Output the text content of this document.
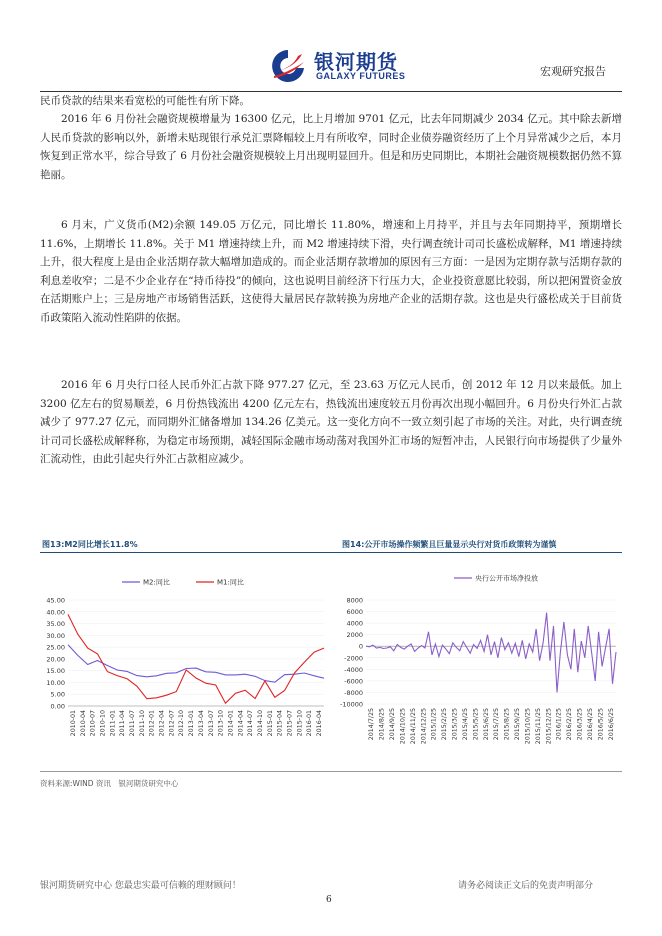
银河期货
GALAXY FUTURES	宏观研究报告

民币贷款的结果来看宽松的可能性有所下降。

2016 年 6 月份社会融资规模增量为 16300 亿元，比上月增加 9701 亿元，比去年同期减少 2034 亿元。其中除去新增人民币贷款的影响以外，新增未贴现银行承兑汇票降幅较上月有所收窄，同时企业债券融资经历了上个月异常减少之后，本月恢复到正常水平，综合导致了 6 月份社会融资规模较上月出现明显回升。但是和历史同期比，本期社会融资规模数据仍然不算艳丽。

6 月末，广义货币(M2)余额 149.05 万亿元，同比增长 11.80%，增速和上月持平，并且与去年同期持平，预期增长 11.6%，上期增长 11.8%。关于 M1 增速持续上升，而 M2 增速持续下滑，央行调查统计司司长盛松成解释，M1 增速持续上升，很大程度上是由企业活期存款大幅增加造成的。而企业活期存款增加的原因有三方面：一是因为定期存款与活期存款的利息差收窄；二是不少企业存在“持币待投”的倾向，这也说明目前经济下行压力大，企业投资意愿比较弱，所以把闲置资金放在活期账户上；三是房地产市场销售活跃，这使得大量居民存款转换为房地产企业的活期存款。这也是央行盛松成关于目前货币政策陷入流动性陷阱的依据。

2016 年 6 月央行口径人民币外汇占款下降 977.27 亿元，至 23.63 万亿元人民币，创 2012 年 12 月以来最低。加上 3200 亿左右的贸易顺差，6 月份热钱流出 4200 亿元左右，热钱流出速度较五月份再次出现小幅回升。6 月份央行外汇占款减少了 977.27 亿元，而同期外汇储备增加 134.26 亿美元。这一变化方向不一致立刻引起了市场的关注。对此，央行调查统计司司长盛松成解释称，为稳定市场预期，减轻国际金融市场动荡对我国外汇市场的短暂冲击，人民银行向市场提供了少量外汇流动性，由此引起央行外汇占款相应减少。

图13:M2同比增长11.8%	图14:公开市场操作频繁且巨量显示央行对货币政策转为谨慎
0.00
5.00
10.00
15.00
20.00
25.00
30.00
35.00
40.00
45.00
2010-01 2010-04 2010-07 2010-10 2011-01 2011-04 2011-07 2011-10 2012-01 2012-04 2012-07 2012-10 2013-01 2013-04 2013-07 2013-10 2014-01 2014-04 2014-07 2014-10 2015-01 2015-04 2015-07 2015-10 2016-01 2016-04
M2:同比	M1:同比
-10000
-8000
-6000
-4000
-2000
0
2000
4000
6000
8000
2014/7/25 2014/8/25 2014/9/25 2014/10/25 2014/11/25 2014/12/25 2015/1/25 2015/2/25 2015/3/25 2015/4/25 2015/5/25 2015/6/25 2015/7/25 2015/8/25 2015/9/25 2015/10/25 2015/11/25 2015/12/25 2016/1/25 2016/2/25 2016/3/25 2016/4/25 2016/5/25 2016/6/25
央行公开市场净投放
资料来源:WIND 资讯　银河期货研究中心
银河期货研究中心 您最忠实最可信赖的理财顾问！	请务必阅读正文后的免责声明部分
6
